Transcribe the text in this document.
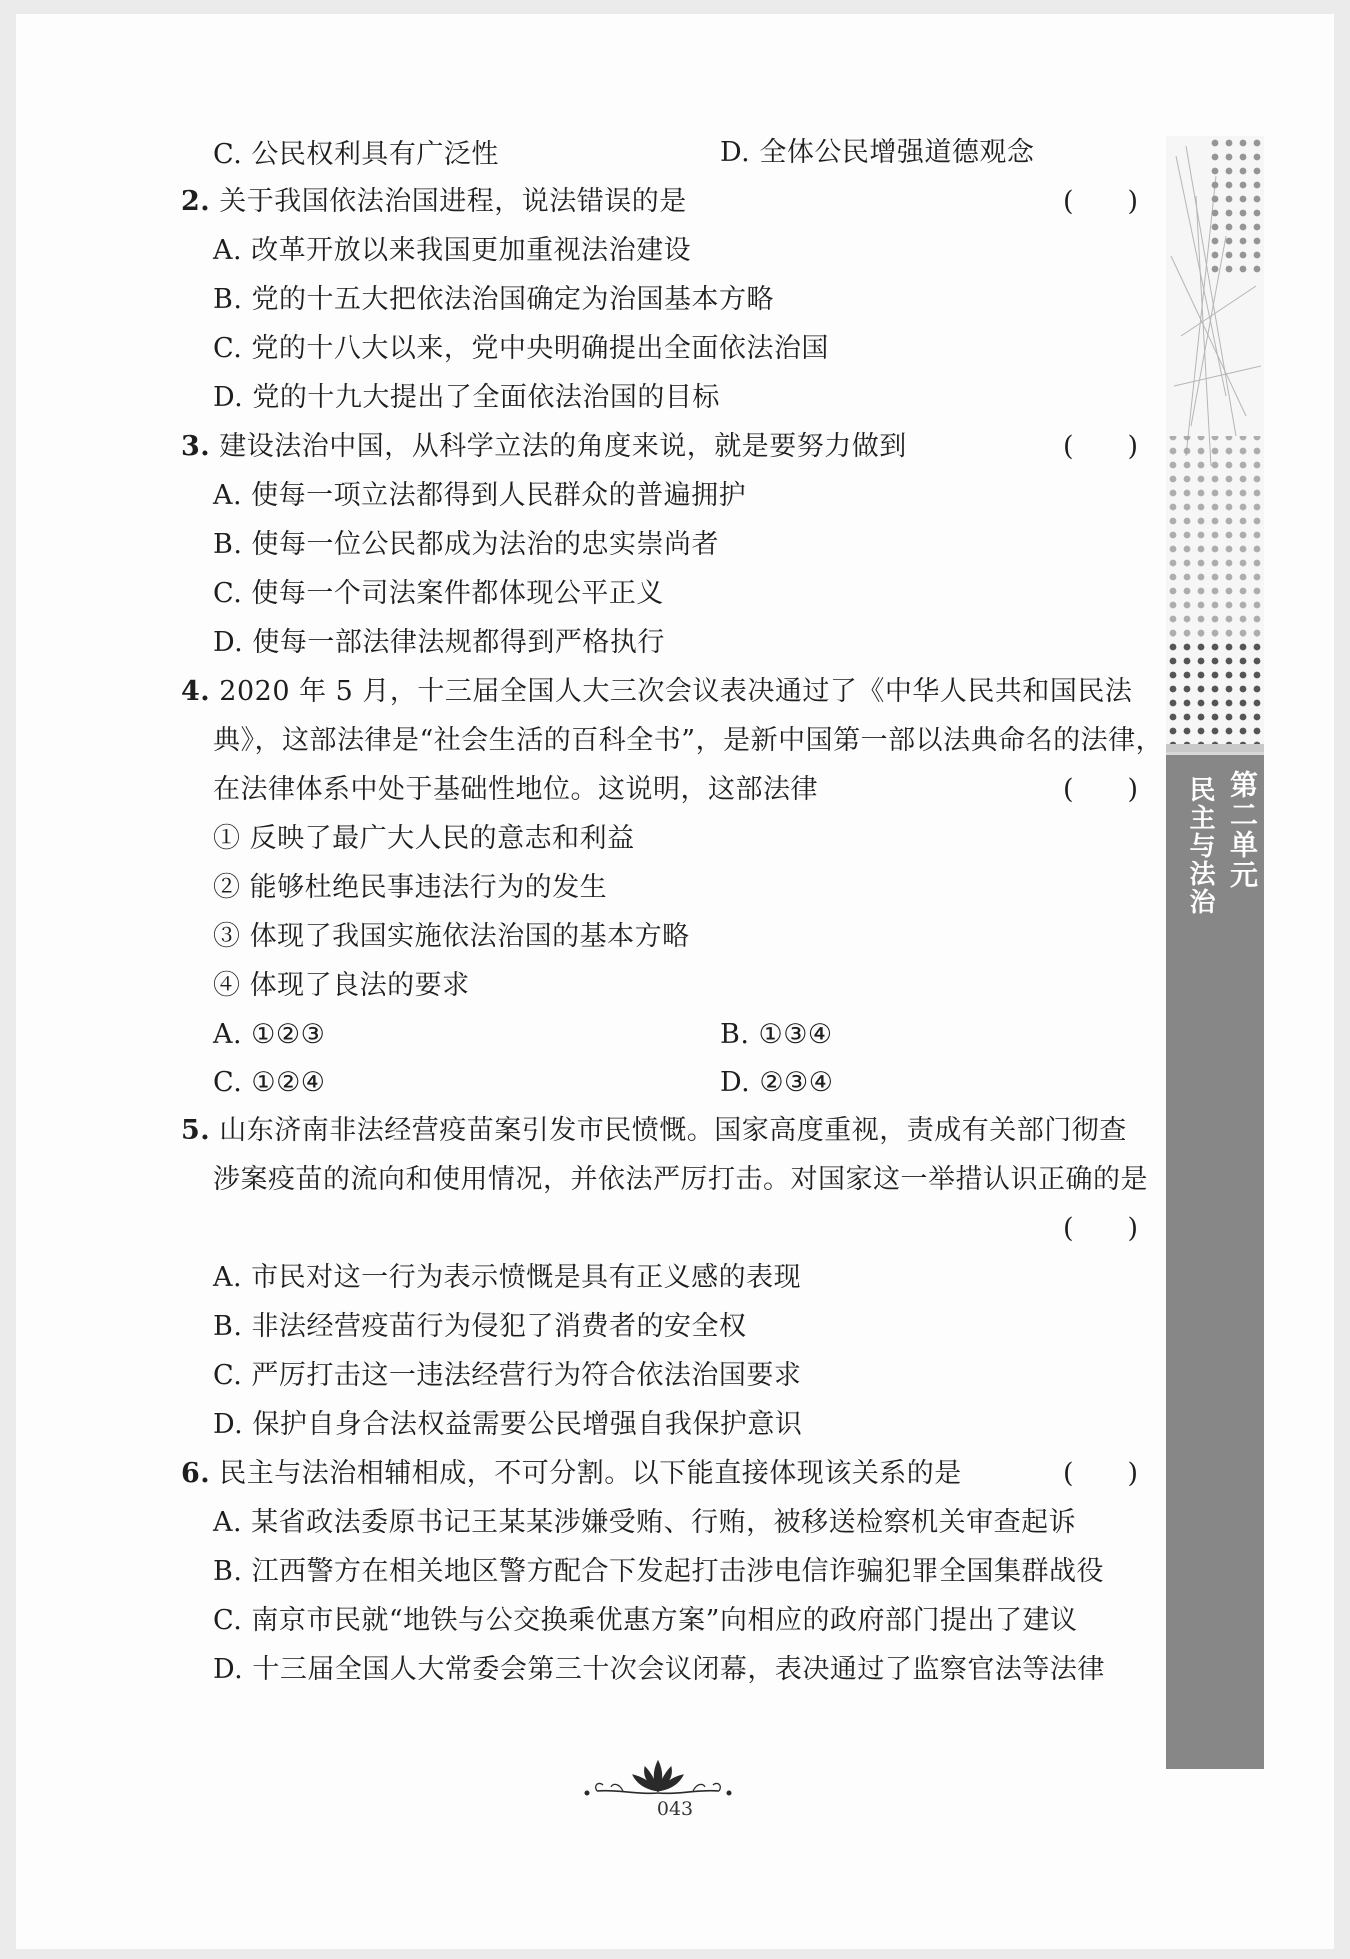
第二单元
民主与法治
C. 公民权利具有广泛性	D. 全体公民增强道德观念
2. 关于我国依法治国进程，说法错误的是	(　　)
A. 改革开放以来我国更加重视法治建设
B. 党的十五大把依法治国确定为治国基本方略
C. 党的十八大以来，党中央明确提出全面依法治国
D. 党的十九大提出了全面依法治国的目标
3. 建设法治中国，从科学立法的角度来说，就是要努力做到	(　　)
A. 使每一项立法都得到人民群众的普遍拥护
B. 使每一位公民都成为法治的忠实崇尚者
C. 使每一个司法案件都体现公平正义
D. 使每一部法律法规都得到严格执行
4. 2020 年 5 月，十三届全国人大三次会议表决通过了《中华人民共和国民法
典》，这部法律是“社会生活的百科全书”，是新中国第一部以法典命名的法律，
在法律体系中处于基础性地位。这说明，这部法律	(　　)
① 反映了最广大人民的意志和利益
② 能够杜绝民事违法行为的发生
③ 体现了我国实施依法治国的基本方略
④ 体现了良法的要求
A. ①②③	B. ①③④
C. ①②④	D. ②③④
5. 山东济南非法经营疫苗案引发市民愤慨。国家高度重视，责成有关部门彻查
涉案疫苗的流向和使用情况，并依法严厉打击。对国家这一举措认识正确的是
(　　)
A. 市民对这一行为表示愤慨是具有正义感的表现
B. 非法经营疫苗行为侵犯了消费者的安全权
C. 严厉打击这一违法经营行为符合依法治国要求
D. 保护自身合法权益需要公民增强自我保护意识
6. 民主与法治相辅相成，不可分割。以下能直接体现该关系的是	(　　)
A. 某省政法委原书记王某某涉嫌受贿、行贿，被移送检察机关审查起诉
B. 江西警方在相关地区警方配合下发起打击涉电信诈骗犯罪全国集群战役
C. 南京市民就“地铁与公交换乘优惠方案”向相应的政府部门提出了建议
D. 十三届全国人大常委会第三十次会议闭幕，表决通过了监察官法等法律
043
